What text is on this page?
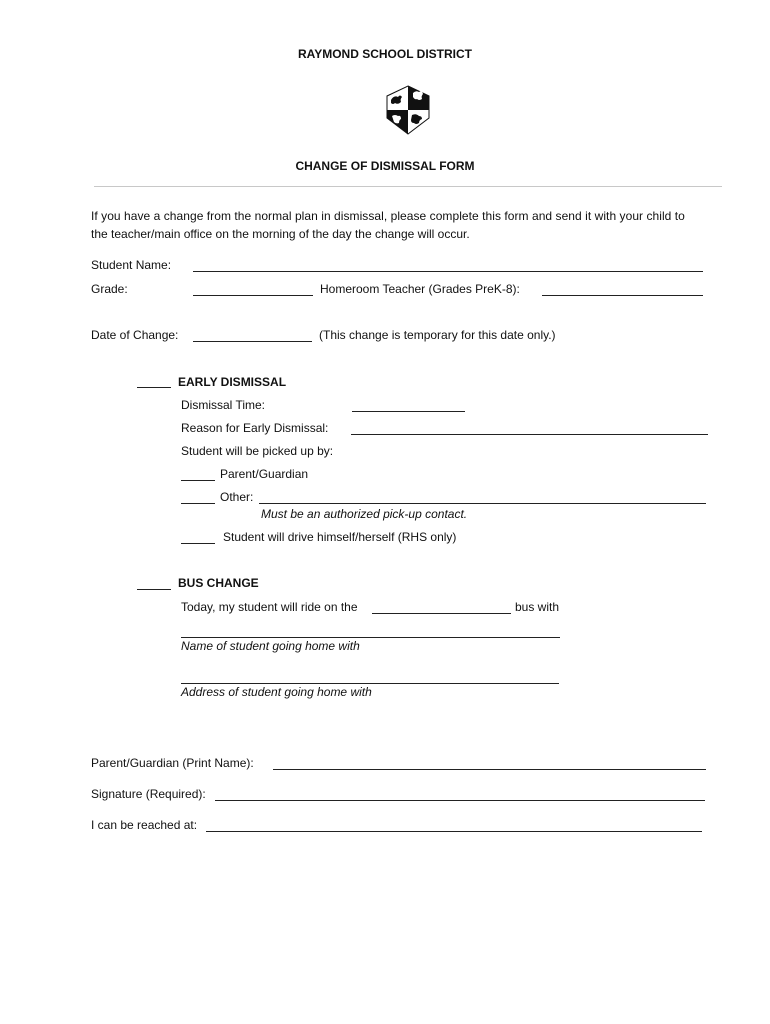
RAYMOND SCHOOL DISTRICT
CHANGE OF DISMISSAL FORM
If you have a change from the normal plan in dismissal, please complete this form and send it with your child to
the teacher/main office on the morning of the day the change will occur.
Student Name:
Grade:	Homeroom Teacher (Grades PreK-8):
Date of Change:	(This change is temporary for this date only.)
EARLY DISMISSAL
Dismissal Time:
Reason for Early Dismissal:
Student will be picked up by:
Parent/Guardian
Other:
Must be an authorized pick-up contact.
Student will drive himself/herself (RHS only)
BUS CHANGE
Today, my student will ride on the	bus with
Name of student going home with
Address of student going home with
Parent/Guardian (Print Name):
Signature (Required):
I can be reached at:
